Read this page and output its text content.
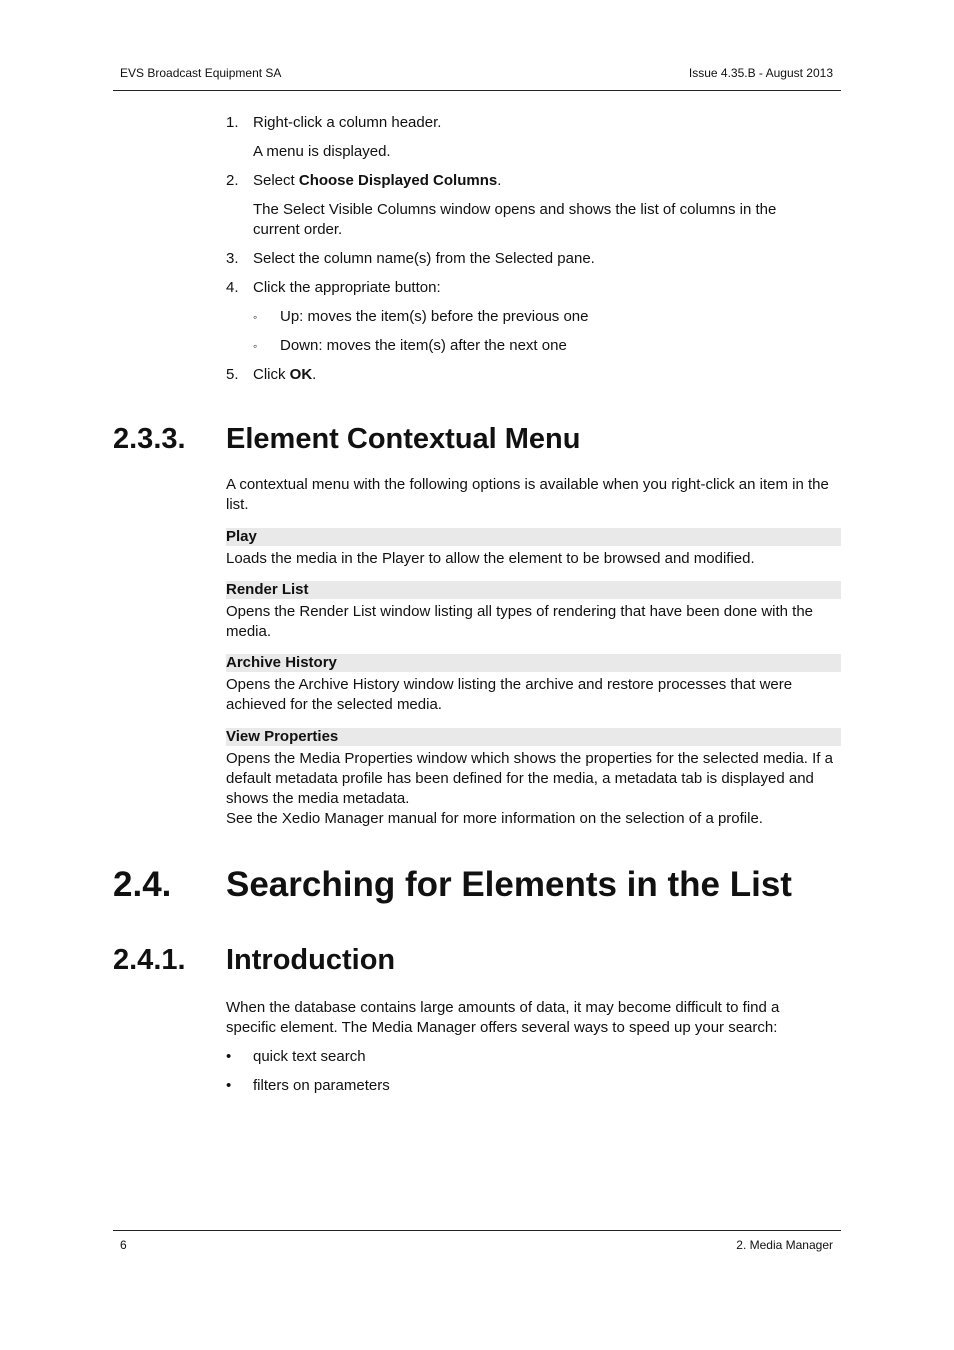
EVS Broadcast Equipment SA	Issue 4.35.B - August 2013
1. Right-click a column header.
A menu is displayed.
2. Select Choose Displayed Columns.
The Select Visible Columns window opens and shows the list of columns in the current order.
3. Select the column name(s) from the Selected pane.
4. Click the appropriate button:
◦ Up: moves the item(s) before the previous one
◦ Down: moves the item(s) after the next one
5. Click OK.
2.3.3. Element Contextual Menu
A contextual menu with the following options is available when you right-click an item in the list.
Play
Loads the media in the Player to allow the element to be browsed and modified.
Render List
Opens the Render List window listing all types of rendering that have been done with the media.
Archive History
Opens the Archive History window listing the archive and restore processes that were achieved for the selected media.
View Properties
Opens the Media Properties window which shows the properties for the selected media. If a default metadata profile has been defined for the media, a metadata tab is displayed and shows the media metadata.
See the Xedio Manager manual for more information on the selection of a profile.
2.4. Searching for Elements in the List
2.4.1. Introduction
When the database contains large amounts of data, it may become difficult to find a specific element. The Media Manager offers several ways to speed up your search:
• quick text search
• filters on parameters
6	2. Media Manager
